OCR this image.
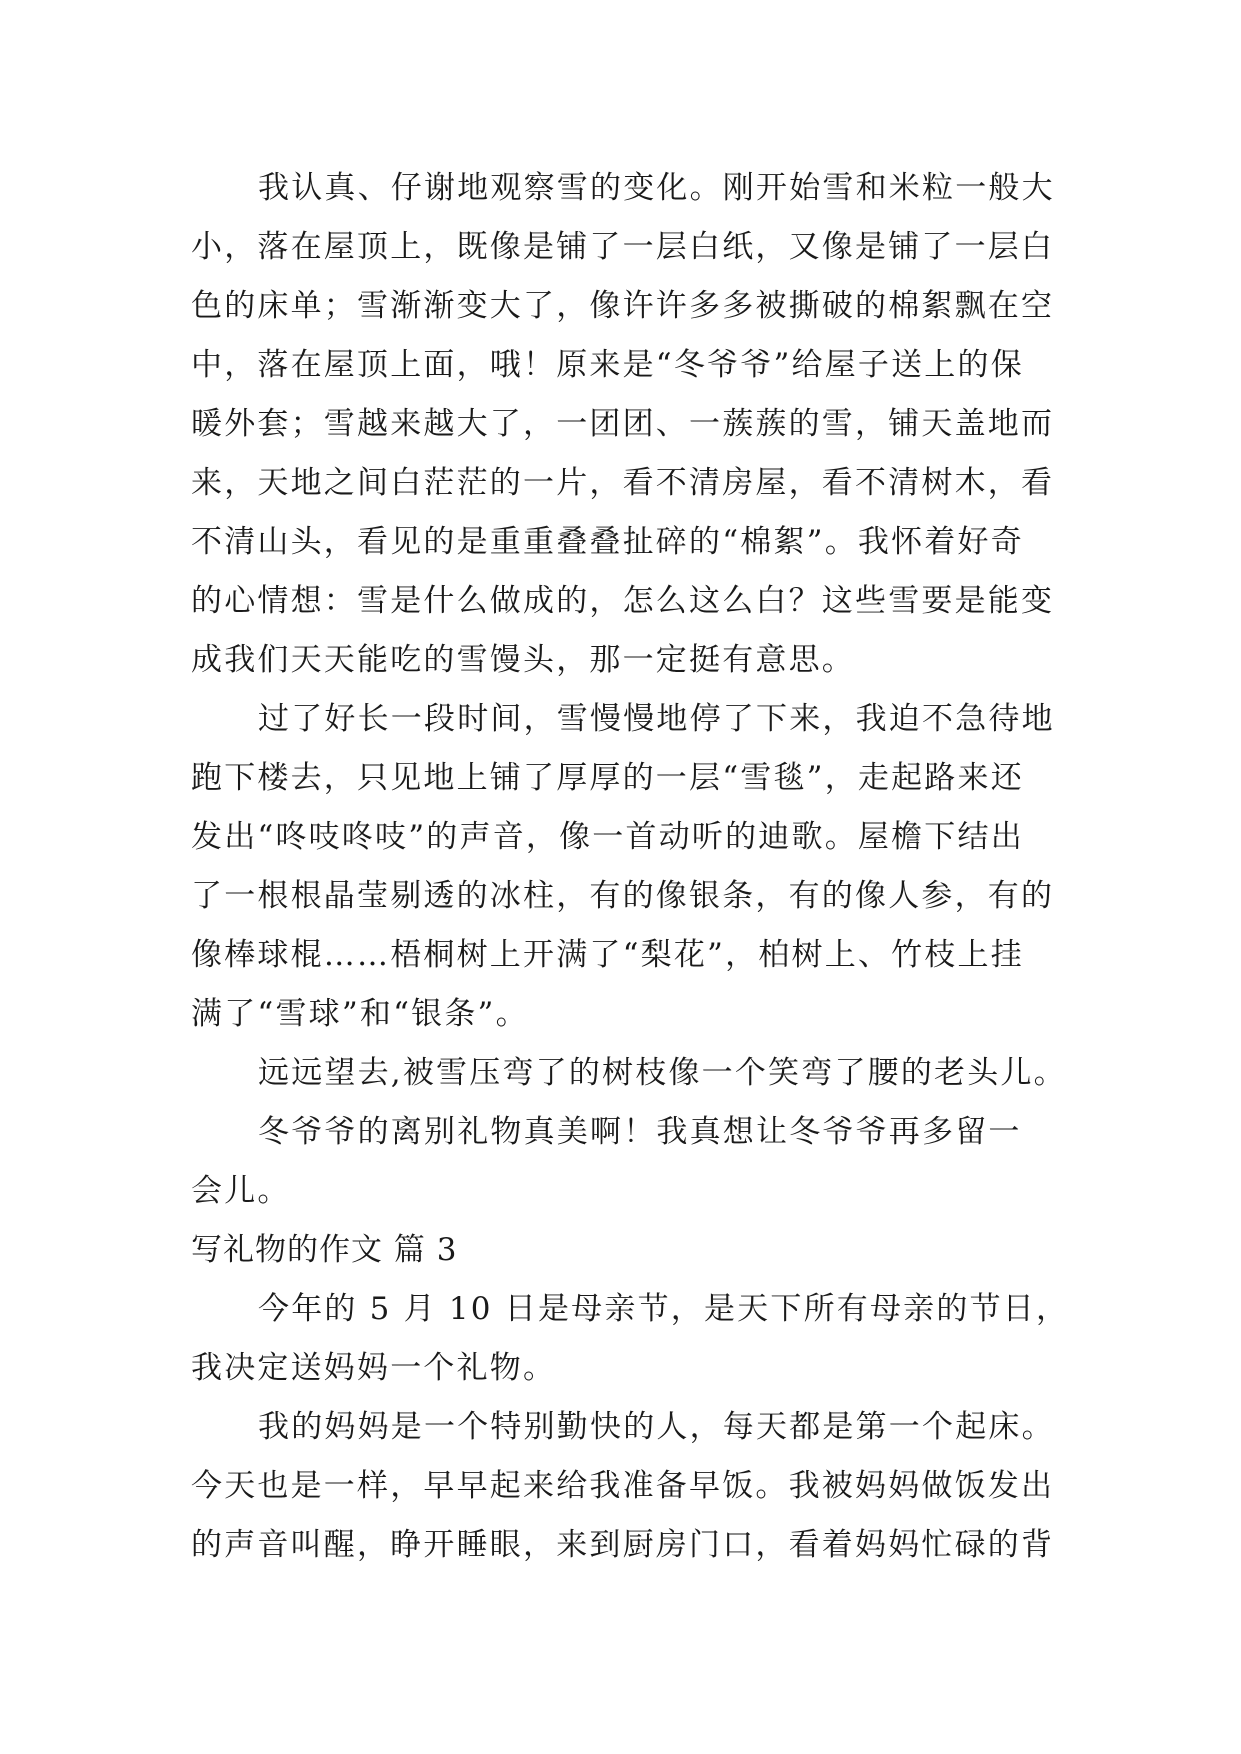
我认真、仔谢地观察雪的变化。刚开始雪和米粒一般大
小，落在屋顶上，既像是铺了一层白纸，又像是铺了一层白
色的床单；雪渐渐变大了，像许许多多被撕破的棉絮飘在空
中，落在屋顶上面，哦！原来是“冬爷爷”给屋子送上的保
暖外套；雪越来越大了，一团团、一蔟蔟的雪，铺天盖地而
来，天地之间白茫茫的一片，看不清房屋，看不清树木，看
不清山头，看见的是重重叠叠扯碎的“棉絮”。我怀着好奇
的心情想：雪是什么做成的，怎么这么白？这些雪要是能变
成我们天天能吃的雪馒头，那一定挺有意思。
过了好长一段时间，雪慢慢地停了下来，我迫不急待地
跑下楼去，只见地上铺了厚厚的一层“雪毯”，走起路来还
发出“咚吱咚吱”的声音，像一首动听的迪歌。屋檐下结出
了一根根晶莹剔透的冰柱，有的像银条，有的像人参，有的
像棒球棍……梧桐树上开满了“梨花”，柏树上、竹枝上挂
满了“雪球”和“银条”。
远远望去,被雪压弯了的树枝像一个笑弯了腰的老头儿。
冬爷爷的离别礼物真美啊！我真想让冬爷爷再多留一
会儿。
写礼物的作文 篇 3
今年的 5 月 10 日是母亲节，是天下所有母亲的节日，
我决定送妈妈一个礼物。
我的妈妈是一个特别勤快的人，每天都是第一个起床。
今天也是一样，早早起来给我准备早饭。我被妈妈做饭发出
的声音叫醒，睁开睡眼，来到厨房门口，看着妈妈忙碌的背
